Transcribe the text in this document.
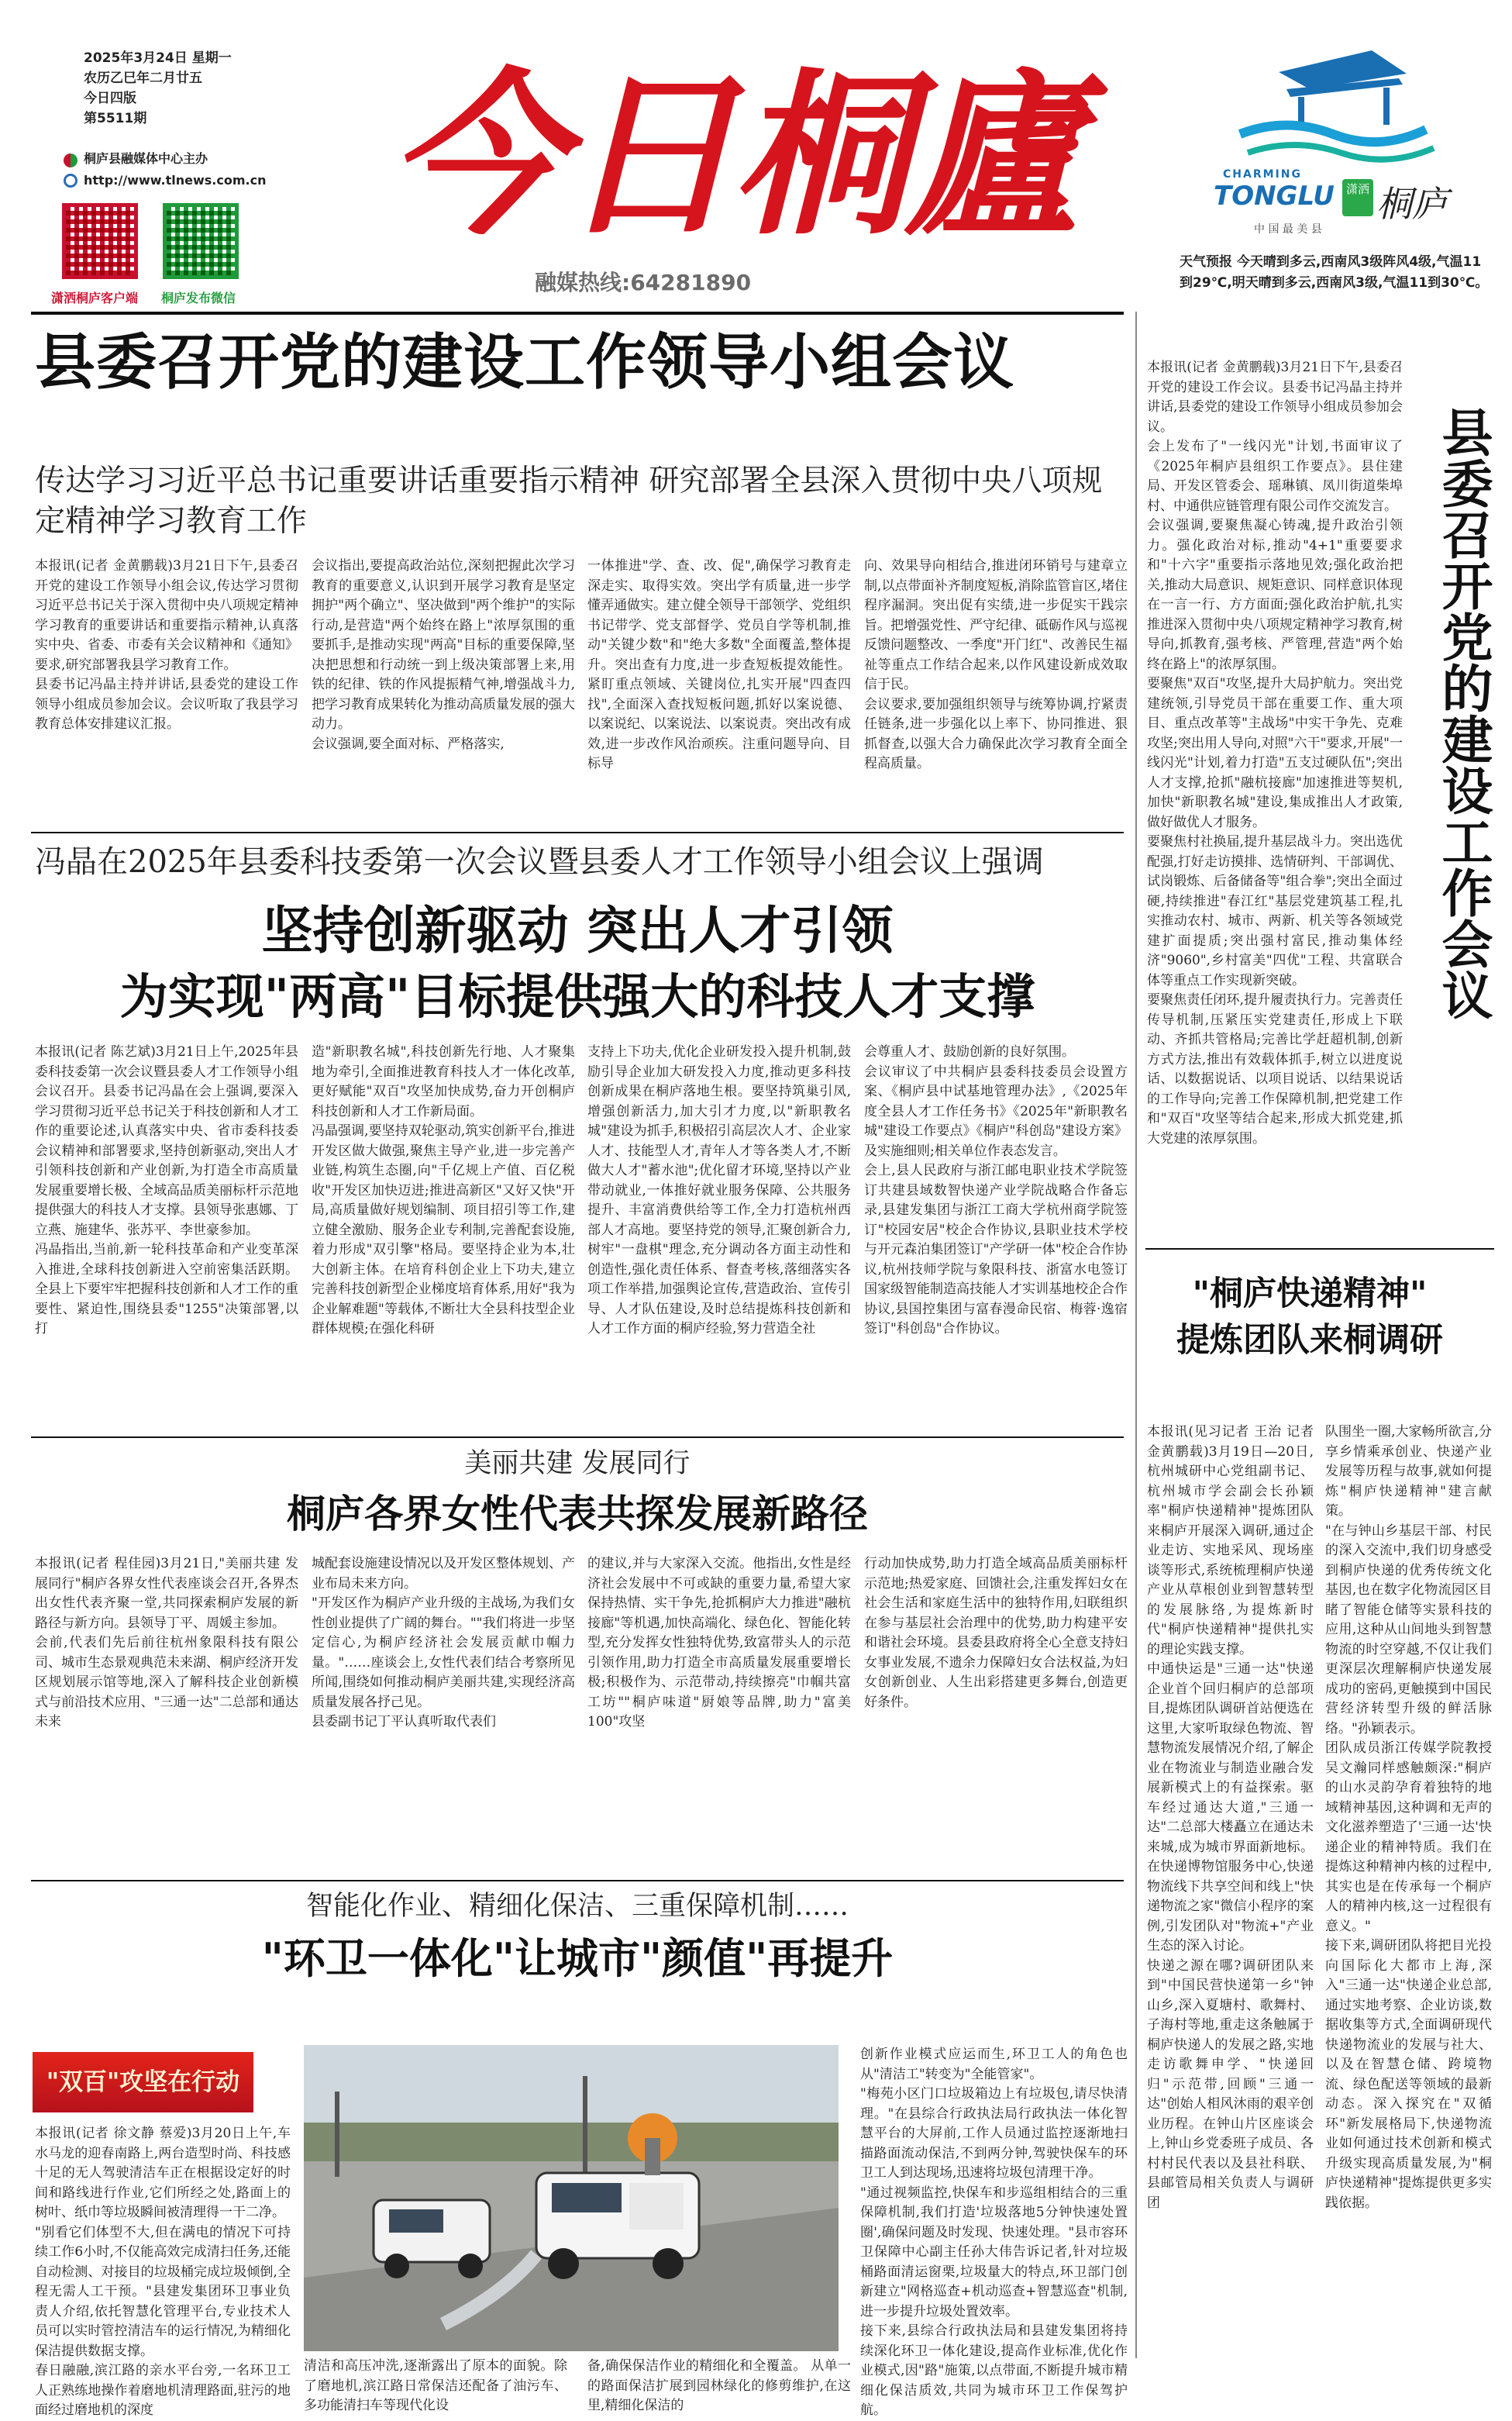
2025年3月24日 星期一
农历乙巳年二月廿五
今日四版
第5511期
桐庐县融媒体中心主办
http://www.tlnews.com.cn
潇洒桐庐客户端 桐庐发布微信
今日桐廬
融媒热线:64281890
CHARMING
TONGLU	潇洒 桐庐
中 国 最 美 县
天气预报 今天晴到多云,西南风3级阵风4级,气温11到29℃,明天晴到多云,西南风3级,气温11到30℃。
县委召开党的建设工作领导小组会议
传达学习习近平总书记重要讲话重要指示精神 研究部署全县深入贯彻中央八项规定精神学习教育工作
本报讯(记者 金黄鹏载)3月21日下午,县委召开党的建设工作领导小组会议,传达学习贯彻习近平总书记关于深入贯彻中央八项规定精神学习教育的重要讲话和重要指示精神,认真落实中央、省委、市委有关会议精神和《通知》要求,研究部署我县学习教育工作。
县委书记冯晶主持并讲话,县委党的建设工作领导小组成员参加会议。会议听取了我县学习教育总体安排建议汇报。
会议指出,要提高政治站位,深刻把握此次学习教育的重要意义,认识到开展学习教育是坚定拥护"两个确立"、坚决做到"两个维护"的实际行动,是营造"两个始终在路上"浓厚氛围的重要抓手,是推动实现"两高"目标的重要保障,坚决把思想和行动统一到上级决策部署上来,用铁的纪律、铁的作风提振精气神,增强战斗力,把学习教育成果转化为推动高质量发展的强大动力。
会议强调,要全面对标、严格落实,
一体推进"学、查、改、促",确保学习教育走深走实、取得实效。突出学有质量,进一步学懂弄通做实。建立健全领导干部领学、党组织书记带学、党支部督学、党员自学等机制,推动"关键少数"和"绝大多数"全面覆盖,整体提升。突出查有力度,进一步查短板提效能性。紧盯重点领域、关键岗位,扎实开展"四查四找",全面深入查找短板问题,抓好以案说德、以案说纪、以案说法、以案说责。突出改有成效,进一步改作风治顽疾。注重问题导向、目标导
向、效果导向相结合,推进闭环销号与建章立制,以点带面补齐制度短板,消除监管盲区,堵住程序漏洞。突出促有实绩,进一步促实干践宗旨。把增强党性、严守纪律、砥砺作风与巡视反馈问题整改、一季度"开门红"、改善民生福祉等重点工作结合起来,以作风建设新成效取信于民。
会议要求,要加强组织领导与统筹协调,拧紧责任链条,进一步强化以上率下、协同推进、狠抓督查,以强大合力确保此次学习教育全面全程高质量。
冯晶在2025年县委科技委第一次会议暨县委人才工作领导小组会议上强调
坚持创新驱动 突出人才引领
为实现"两高"目标提供强大的科技人才支撑
本报讯(记者 陈艺斌)3月21日上午,2025年县委科技委第一次会议暨县委人才工作领导小组会议召开。县委书记冯晶在会上强调,要深入学习贯彻习近平总书记关于科技创新和人才工作的重要论述,认真落实中央、省市委科技委会议精神和部署要求,坚持创新驱动,突出人才引领科技创新和产业创新,为打造全市高质量发展重要增长极、全域高品质美丽标杆示范地提供强大的科技人才支撑。县领导张惠娜、丁立燕、施建华、张苏平、李世豪参加。
冯晶指出,当前,新一轮科技革命和产业变革深入推进,全球科技创新进入空前密集活跃期。全县上下要牢牢把握科技创新和人才工作的重要性、紧迫性,围绕县委"1255"决策部署,以打
造"新职教名城",科技创新先行地、人才聚集地为牵引,全面推进教育科技人才一体化改革,更好赋能"双百"攻坚加快成势,奋力开创桐庐科技创新和人才工作新局面。
冯晶强调,要坚持双轮驱动,筑实创新平台,推进开发区做大做强,聚焦主导产业,进一步完善产业链,构筑生态圈,向"千亿规上产值、百亿税收"开发区加快迈进;推进高新区"又好又快"开局,高质量做好规划编制、项目招引等工作,建立健全激励、服务企业专利制,完善配套设施,着力形成"双引擎"格局。要坚持企业为本,壮大创新主体。在培育科创企业上下功夫,建立完善科技创新型企业梯度培育体系,用好"我为企业解难题"等载体,不断壮大全县科技型企业群体规模;在强化科研
支持上下功夫,优化企业研发投入提升机制,鼓励引导企业加大研发投入力度,推动更多科技创新成果在桐庐落地生根。要坚持筑巢引凤,增强创新活力,加大引才力度,以"新职教名城"建设为抓手,积极招引高层次人才、企业家人才、技能型人才,青年人才等各类人才,不断做大人才"蓄水池";优化留才环境,坚持以产业带动就业,一体推好就业服务保障、公共服务提升、丰富消费供给等工作,全力打造杭州西部人才高地。要坚持党的领导,汇聚创新合力,树牢"一盘棋"理念,充分调动各方面主动性和创造性,强化责任体系、督查考核,落细落实各项工作举措,加强舆论宣传,营造政治、宣传引导、人才队伍建设,及时总结提炼科技创新和人才工作方面的桐庐经验,努力营造全社
会尊重人才、鼓励创新的良好氛围。
会议审议了中共桐庐县委科技委员会设置方案、《桐庐县中试基地管理办法》,《2025年度全县人才工作任务书》《2025年"新职教名城"建设工作要点》《桐庐"科创岛"建设方案》及实施细则;相关单位作表态发言。
会上,县人民政府与浙江邮电职业技术学院签订共建县域数智快递产业学院战略合作备忘录,县建发集团与浙江工商大学杭州商学院签订"校园安居"校企合作协议,县职业技术学校与开元森泊集团签订"产学研一体"校企合作协议,杭州技师学院与象限科技、浙富水电签订国家级智能制造高技能人才实训基地校企合作协议,县国控集团与富春漫命民宿、梅蓉·逸宿签订"科创岛"合作协议。
美丽共建 发展同行
桐庐各界女性代表共探发展新路径
本报讯(记者 程佳园)3月21日,"美丽共建 发展同行"桐庐各界女性代表座谈会召开,各界杰出女性代表齐聚一堂,共同探索桐庐发展的新路径与新方向。县领导丁平、周媛主参加。
会前,代表们先后前往杭州象限科技有限公司、城市生态景观典范未来湖、桐庐经济开发区规划展示馆等地,深入了解科技企业创新模式与前沿技术应用、"三通一达"二总部和通达未来
城配套设施建设情况以及开发区整体规划、产业布局未来方向。
"开发区作为桐庐产业升级的主战场,为我们女性创业提供了广阔的舞台。""我们将进一步坚定信心,为桐庐经济社会发展贡献巾帼力量。"……座谈会上,女性代表们结合考察所见所闻,围绕如何推动桐庐美丽共建,实现经济高质量发展各抒己见。
县委副书记丁平认真听取代表们
的建议,并与大家深入交流。他指出,女性是经济社会发展中不可或缺的重要力量,希望大家保持热情、实干争先,抢抓桐庐大力推进"融杭接廊"等机遇,加快高端化、绿色化、智能化转型,充分发挥女性独特优势,致富带头人的示范引领作用,助力打造全市高质量发展重要增长极;积极作为、示范带动,持续擦亮"巾帼共富工坊""桐庐味道"厨娘等品牌,助力"富美100"攻坚
行动加快成势,助力打造全域高品质美丽标杆示范地;热爱家庭、回馈社会,注重发挥妇女在社会生活和家庭生活中的独特作用,妇联组织在参与基层社会治理中的优势,助力构建平安和谐社会环境。县委县政府将全心全意支持妇女事业发展,不遗余力保障妇女合法权益,为妇女创新创业、人生出彩搭建更多舞台,创造更好条件。
智能化作业、精细化保洁、三重保障机制……
"环卫一体化"让城市"颜值"再提升
"双百"攻坚在行动
本报讯(记者 徐文静 蔡爱)3月20日上午,车水马龙的迎春南路上,两台造型时尚、科技感十足的无人驾驶清洁车正在根据设定好的时间和路线进行作业,它们所经之处,路面上的树叶、纸巾等垃圾瞬间被清理得一干二净。
"别看它们体型不大,但在满电的情况下可持续工作6小时,不仅能高效完成清扫任务,还能自动检测、对接目的垃圾桶完成垃圾倾倒,全程无需人工干预。"县建发集团环卫事业负责人介绍,依托智慧化管理平台,专业技术人员可以实时管控清洁车的运行情况,为精细化保洁提供数据支撑。
春日融融,滨江路的亲水平台旁,一名环卫工人正熟练地操作着磨地机清理路面,驻污的地面经过磨地机的深度
清洁和高压冲洗,逐渐露出了原本的面貌。除了磨地机,滨江路日常保洁还配备了油污车、多功能清扫车等现代化设
备,确保保洁作业的精细化和全覆盖。 从单一的路面保洁扩展到园林绿化的修剪维护,在这里,精细化保洁的
创新作业模式应运而生,环卫工人的角色也从"清洁工"转变为"全能管家"。
"梅苑小区门口垃圾箱边上有垃圾包,请尽快清理。"在县综合行政执法局行政执法一体化智慧平台的大屏前,工作人员通过监控逐渐地扫描路面流动保洁,不到两分钟,驾驶快保车的环卫工人到达现场,迅速将垃圾包清理干净。
"通过视频监控,快保车和步巡组相结合的三重保障机制,我们打造'垃圾落地5分钟快速处置圈',确保问题及时发现、快速处理。"县市容环卫保障中心副主任孙大伟告诉记者,针对垃圾桶路面清运窗栗,垃圾量大的特点,环卫部门创新建立"网格巡查+机动巡查+智慧巡查"机制,进一步提升垃圾处置效率。
接下来,县综合行政执法局和县建发集团将持续深化环卫一体化建设,提高作业标准,优化作业模式,因"路"施策,以点带面,不断提升城市精细化保洁质效,共同为城市环卫工作保驾护航。
本报讯(记者 金黄鹏载)3月21日下午,县委召开党的建设工作会议。县委书记冯晶主持并讲话,县委党的建设工作领导小组成员参加会议。
会上发布了"一线闪光"计划,书面审议了《2025年桐庐县组织工作要点》。县住建局、开发区管委会、瑶琳镇、凤川街道柴埠村、中通供应链管理有限公司作交流发言。
会议强调,要聚焦凝心铸魂,提升政治引领力。强化政治对标,推动"4+1"重要要求和"十六字"重要指示落地见效;强化政治把关,推动大局意识、规矩意识、同样意识体现在一言一行、方方面面;强化政治护航,扎实推进深入贯彻中央八项规定精神学习教育,树导向,抓教育,强考核、严管理,营造"两个始终在路上"的浓厚氛围。
要聚焦"双百"攻坚,提升大局护航力。突出党建统领,引导党员干部在重要工作、重大项目、重点改革等"主战场"中实干争先、克难攻坚;突出用人导向,对照"六干"要求,开展"一线闪光"计划,着力打造"五支过硬队伍";突出人才支撑,抢抓"融杭接廊"加速推进等契机,加快"新职教名城"建设,集成推出人才政策,做好做优人才服务。
要聚焦村社换届,提升基层战斗力。突出选优配强,打好走访摸排、选情研判、干部调优、试岗锻炼、后备储备等"组合拳";突出全面过硬,持续推进"春江红"基层党建筑基工程,扎实推动农村、城市、两新、机关等各领域党建扩面提质;突出强村富民,推动集体经济"9060",乡村富美"四优"工程、共富联合体等重点工作实现新突破。
要聚焦责任闭环,提升履责执行力。完善责任传导机制,压紧压实党建责任,形成上下联动、齐抓共管格局;完善比学赶超机制,创新方式方法,推出有效载体抓手,树立以进度说话、以数据说话、以项目说话、以结果说话的工作导向;完善工作保障机制,把党建工作和"双百"攻坚等结合起来,形成大抓党建,抓大党建的浓厚氛围。
县委召开党的建设工作会议
"桐庐快递精神"
提炼团队来桐调研
本报讯(见习记者 王治 记者 金黄鹏载)3月19日—20日,杭州城研中心党组副书记、杭州城市学会副会长孙颖率"桐庐快递精神"提炼团队来桐庐开展深入调研,通过企业走访、实地采风、现场座谈等形式,系统梳理桐庐快递产业从草根创业到智慧转型的发展脉络,为提炼新时代"桐庐快递精神"提供扎实的理论实践支撑。
中通快运是"三通一达"快递企业首个回归桐庐的总部项目,提炼团队调研首站便选在这里,大家听取绿色物流、智慧物流发展情况介绍,了解企业在物流业与制造业融合发展新模式上的有益探索。驱车经过通达大道,"三通一达"二总部大楼矗立在通达未来城,成为城市界面新地标。在快递博物馆服务中心,快递物流线下共享空间和线上"快递物流之家"微信小程序的案例,引发团队对"物流+"产业生态的深入讨论。
快递之源在哪?调研团队来到"中国民营快递第一乡"钟山乡,深入夏塘村、歌舞村、子海村等地,重走这条触属于桐庐快递人的发展之路,实地走访歌舞申学、"快递回归"示范带,回顾"三通一达"创始人相风沐雨的艰辛创业历程。在钟山片区座谈会上,钟山乡党委班子成员、各村村民代表以及县社科联、县邮管局相关负责人与调研团
队围坐一圈,大家畅所欲言,分享乡情乘承创业、快递产业发展等历程与故事,就如何提炼"桐庐快递精神"建言献策。
"在与钟山乡基层干部、村民的深入交流中,我们切身感受到桐庐快递的优秀传统文化基因,也在数字化物流园区目睹了智能仓储等实景科技的应用,这种从山间地头到智慧物流的时空穿越,不仅让我们更深层次理解桐庐快递发展成功的密码,更触摸到中国民营经济转型升级的鲜活脉络。"孙颖表示。
团队成员浙江传媒学院教授吴文瀚同样感触颇深:"桐庐的山水灵韵孕育着独特的地域精神基因,这种调和无声的文化滋养塑造了'三通一达'快递企业的精神特质。我们在提炼这种精神内核的过程中,其实也是在传承每一个桐庐人的精神内核,这一过程很有意义。"
接下来,调研团队将把目光投向国际化大都市上海,深入"三通一达"快递企业总部,通过实地考察、企业访谈,数据收集等方式,全面调研现代快递物流业的发展与社大、以及在智慧仓储、跨境物流、绿色配送等领域的最新动态。深入探究在"双循环"新发展格局下,快递物流业如何通过技术创新和模式升级实现高质量发展,为"桐庐快递精神"提炼提供更多实践依据。
